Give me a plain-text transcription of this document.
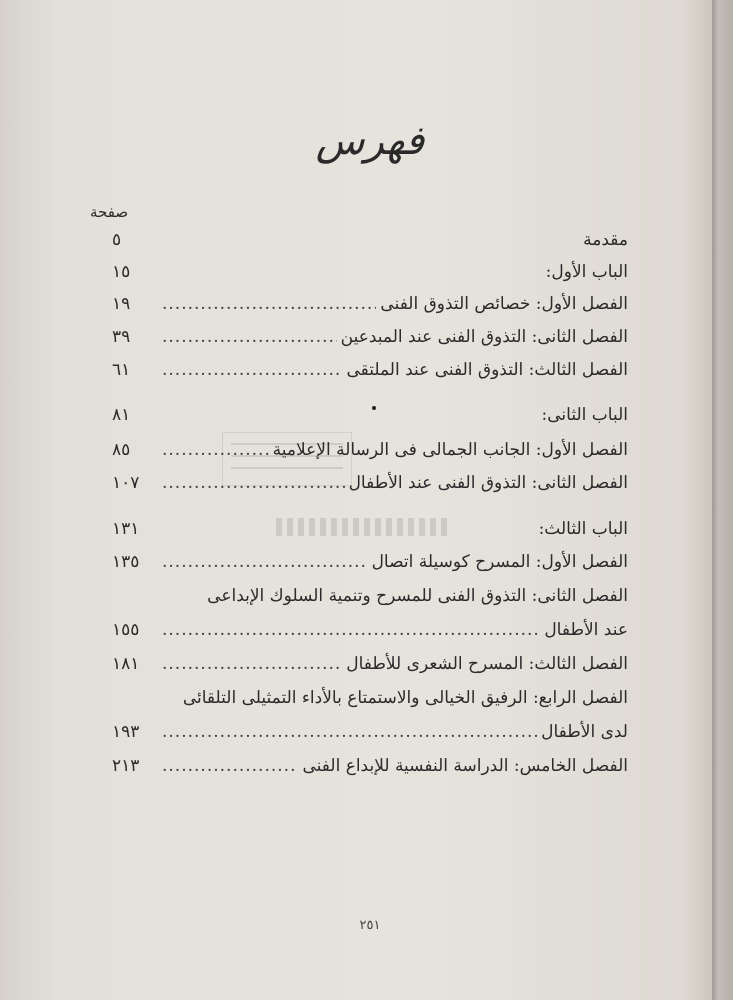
فهرس
صفحة
مقدمة
٥
الباب الأول:
١٥
الفصل الأول: خصائص التذوق الفنى
.....
١٩
الفصل الثانى: التذوق الفنى عند المبدعين
.....
٣٩
الفصل الثالث: التذوق الفنى عند الملتقى
.....
٦١
الباب الثانى:
٨١
الفصل الأول: الجانب الجمالى فى الرسالة الإعلامية
.....
٨٥
الفصل الثانى: التذوق الفنى عند الأطفال
.....
١٠٧
الباب الثالث:
١٣١
الفصل الأول: المسرح كوسيلة اتصال
.....
١٣٥
الفصل الثانى: التذوق الفنى للمسرح وتنمية السلوك الإبداعى
عند الأطفال
.....
١٥٥
الفصل الثالث: المسرح الشعرى للأطفال
.....
١٨١
الفصل الرابع: الرفيق الخيالى والاستمتاع بالأداء التمثيلى التلقائى
لدى الأطفال
.....
١٩٣
الفصل الخامس: الدراسة النفسية للإبداع الفنى
.....
٢١٣
٢٥١
